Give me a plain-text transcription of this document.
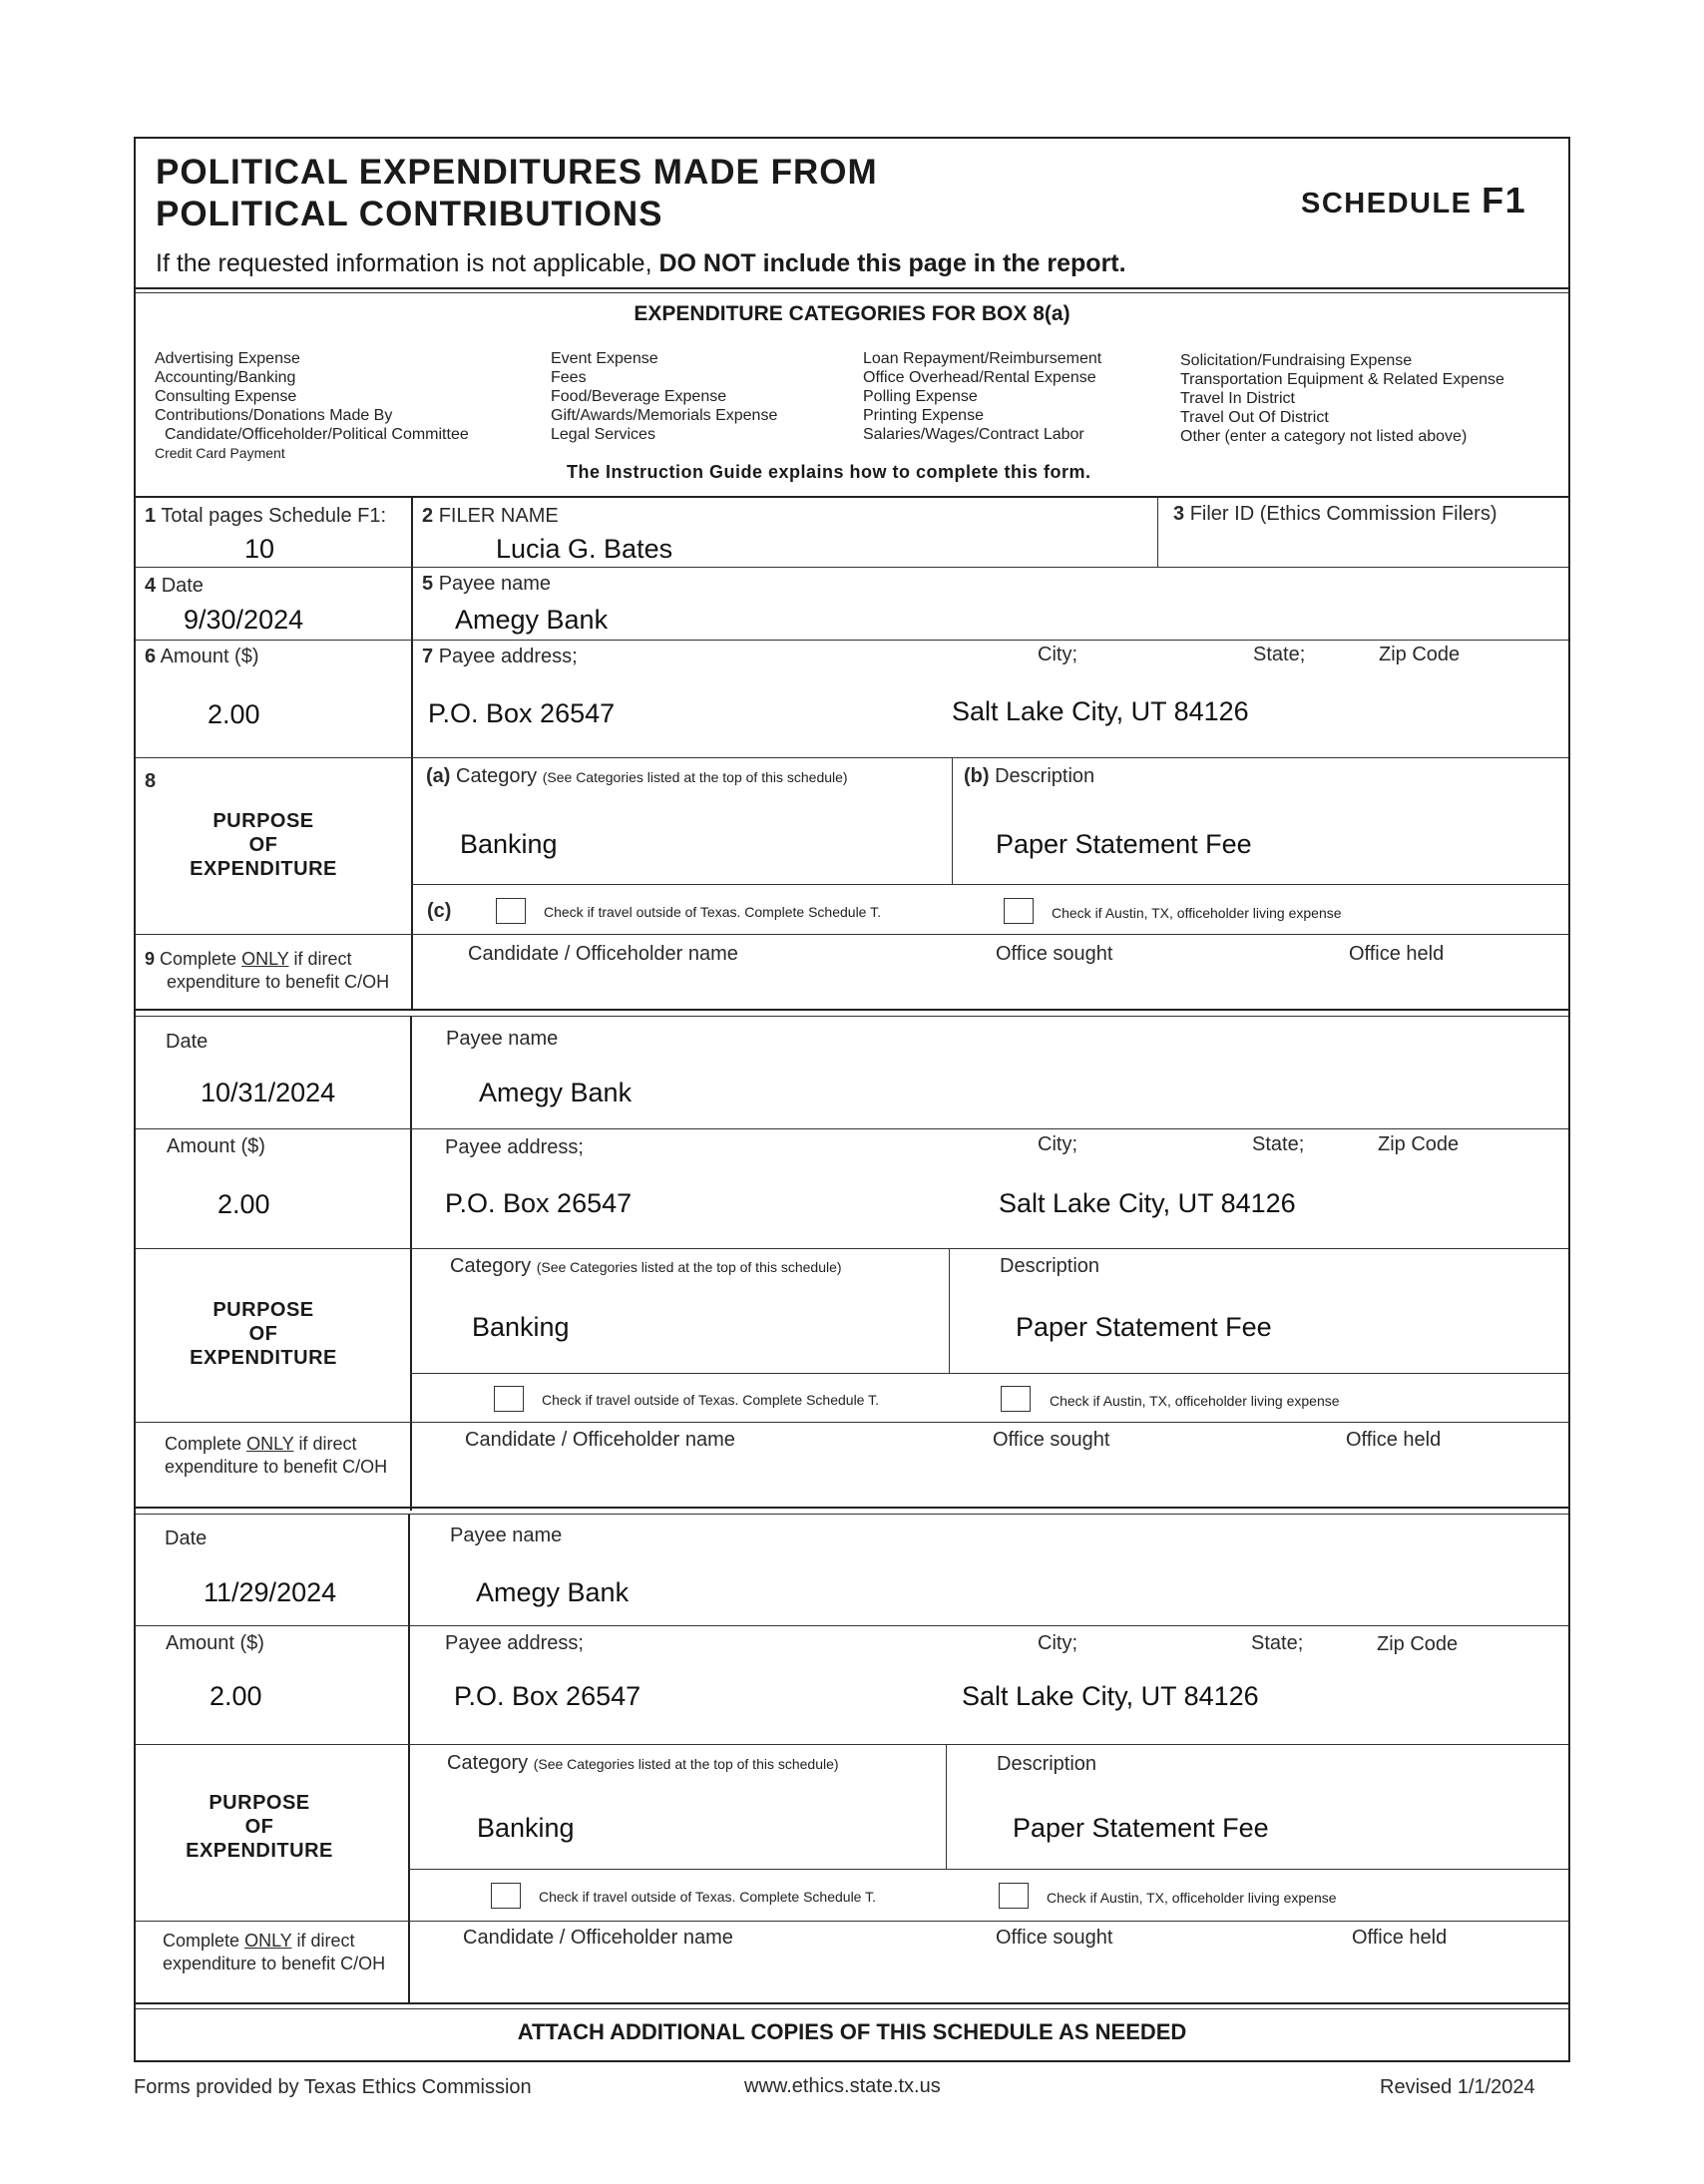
POLITICAL EXPENDITURES MADE FROM
POLITICAL CONTRIBUTIONS	SCHEDULE F1
If the requested information is not applicable, DO NOT include this page in the report.
EXPENDITURE CATEGORIES FOR BOX 8(a)
Advertising Expense
Accounting/Banking
Consulting Expense
Contributions/Donations Made By
Candidate/Officeholder/Political Committee
Credit Card Payment
Event Expense
Fees
Food/Beverage Expense
Gift/Awards/Memorials Expense
Legal Services
Loan Repayment/Reimbursement
Office Overhead/Rental Expense
Polling Expense
Printing Expense
Salaries/Wages/Contract Labor
Solicitation/Fundraising Expense
Transportation Equipment & Related Expense
Travel In District
Travel Out Of District
Other (enter a category not listed above)
The Instruction Guide explains how to complete this form.
1 Total pages Schedule F1:
10
2 FILER NAME
Lucia G. Bates
3 Filer ID (Ethics Commission Filers)
4 Date
9/30/2024
5 Payee name
Amegy Bank
6 Amount ($)
2.00
7 Payee address;	City;	State;	Zip Code
P.O. Box 26547	Salt Lake City, UT 84126
8
PURPOSE
OF
EXPENDITURE
(a) Category (See Categories listed at the top of this schedule)	(b) Description
Banking	Paper Statement Fee
(c)	Check if travel outside of Texas. Complete Schedule T.	Check if Austin, TX, officeholder living expense
9 Complete ONLY if direct
expenditure to benefit C/OH
Candidate / Officeholder name	Office sought	Office held
Date
10/31/2024
Payee name
Amegy Bank
Amount ($)
2.00
Payee address;	City;	State;	Zip Code
P.O. Box 26547	Salt Lake City, UT 84126
PURPOSE
OF
EXPENDITURE
Category (See Categories listed at the top of this schedule)	Description
Banking	Paper Statement Fee
Check if travel outside of Texas. Complete Schedule T.	Check if Austin, TX, officeholder living expense
Complete ONLY if direct
expenditure to benefit C/OH
Candidate / Officeholder name	Office sought	Office held
Date
11/29/2024
Payee name
Amegy Bank
Amount ($)
2.00
Payee address;	City;	State;	Zip Code
P.O. Box 26547	Salt Lake City, UT 84126
PURPOSE
OF
EXPENDITURE
Category (See Categories listed at the top of this schedule)	Description
Banking	Paper Statement Fee
Check if travel outside of Texas. Complete Schedule T.	Check if Austin, TX, officeholder living expense
Complete ONLY if direct
expenditure to benefit C/OH
Candidate / Officeholder name	Office sought	Office held
ATTACH ADDITIONAL COPIES OF THIS SCHEDULE AS NEEDED
Forms provided by Texas Ethics Commission	www.ethics.state.tx.us	Revised 1/1/2024
